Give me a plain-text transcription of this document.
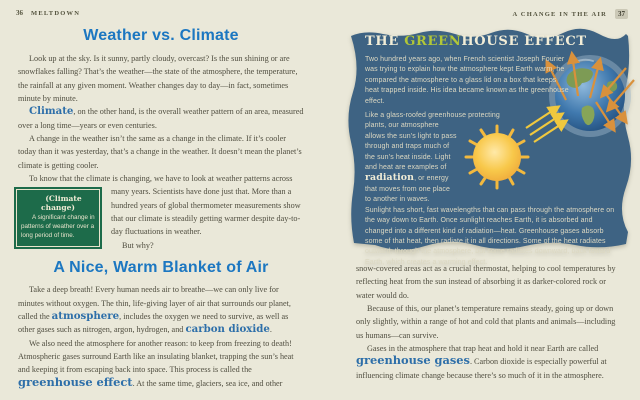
36 MELTDOWN
Weather vs. Climate

Look up at the sky. Is it sunny, partly cloudy, overcast? Is the sun shining or are snowflakes falling? That’s the weather—the state of the atmosphere, the temperature, the rainfall at any given moment. Weather changes day to day—in fact, sometimes minute by minute.

Climate, on the other hand, is the overall weather pattern of an area, measured over a long time—years or even centuries.

A change in the weather isn’t the same as a change in the climate. If it’s cooler today than it was yesterday, that’s a change in the weather. It doesn’t mean the planet’s climate is getting cooler.

To know that the climate is changing, we have to look at weather patterns
(Climate change)
A significant change in patterns of weather over a long period of time.
across many years. Scientists have done just that. More than a hundred years of global thermometer measurements show that our climate is steadily getting warmer despite day-to-day fluctuations in weather.

But why?

A Nice, Warm Blanket of Air

Take a deep breath! Every human needs air to breathe—we can only live for minutes without oxygen. The thin, life-giving layer of air that surrounds our planet, called the atmosphere, includes the oxygen we need to survive, as well as other gases such as nitrogen, argon, hydrogen, and carbon dioxide.

We also need the atmosphere for another reason: to keep from freezing to death! Atmospheric gases surround Earth like an insulating blanket, trapping the sun’s heat and keeping it from escaping back into space. This process is called the greenhouse effect. At the same time, glaciers, sea ice, and other

A CHANGE IN THE AIR	37
THE GREENHOUSE EFFECT

Two hundred years ago, when French scientist Joseph Fourier was trying to explain how the atmosphere kept Earth warm, he compared the atmosphere to a glass lid on a box that keeps heat trapped inside. His idea became known as the greenhouse effect.

Like a glass-roofed greenhouse protecting plants, our atmosphere allows the sun’s light to pass through and traps much of the sun’s heat inside. Light and heat are examples of radiation, or energy that moves from one place to another in waves. Sunlight has short, fast wavelengths that can pass through the atmosphere on the way down to Earth. Once sunlight reaches Earth, it is absorbed and changed into a different kind of radiation—heat. Greenhouse gases absorb some of that heat, then radiate it in all directions. Some of the heat radiates outward, through the atmosphere, but some radiates downward, back toward Earth, which creates a warming effect.

snow-covered areas act as a crucial thermostat, helping to cool temperatures by reflecting heat from the sun instead of absorbing it as darker-colored rock or water would do.

Because of this, our planet’s temperature remains steady, going up or down only slightly, within a range of hot and cold that plants and animals—including us humans—can survive.

Gases in the atmosphere that trap heat and hold it near Earth are called greenhouse gases. Carbon dioxide is especially powerful at influencing climate change because there’s so much of it in the atmosphere.
